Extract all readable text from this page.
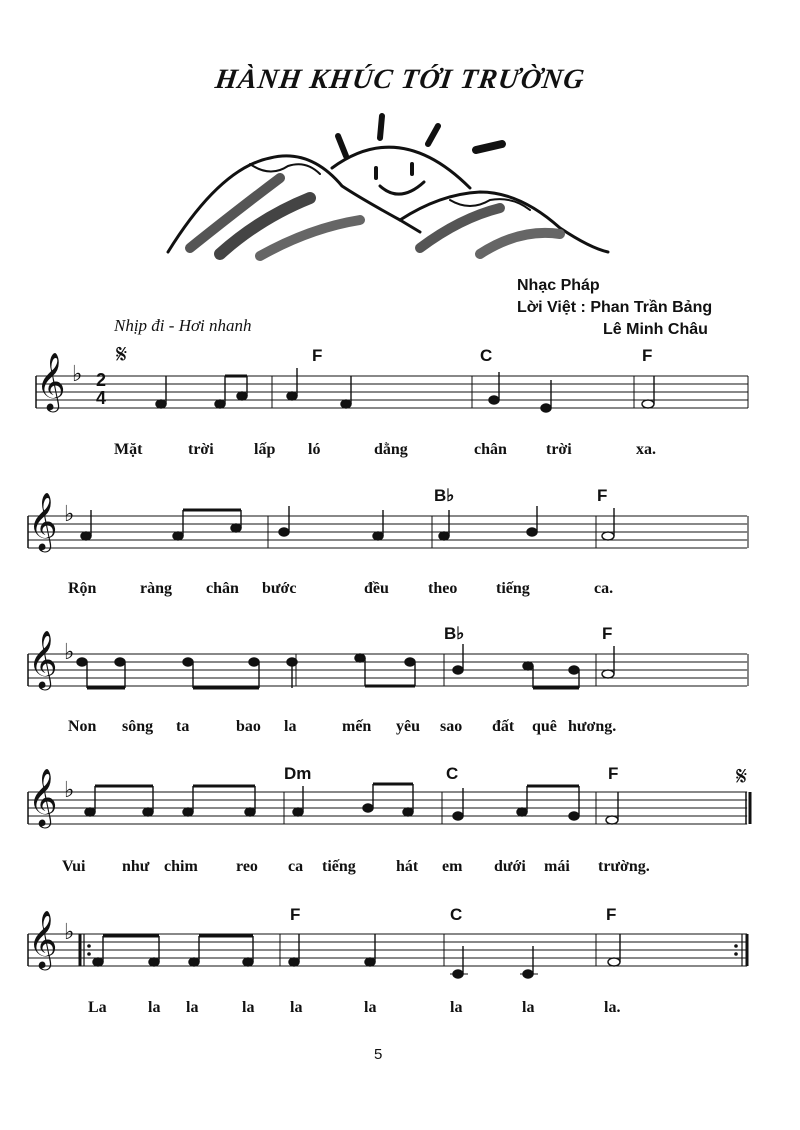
HÀNH KHÚC TỚI TRƯỜNG
Nhạc Pháp
Lời Việt : Phan Trần Bảng
Lê Minh Châu
Nhịp đi - Hơi nhanh
𝄞
𝄞
𝄞
𝄞
𝄞
♭
♭
♭
♭
♭
2
4
𝄋
𝄋
F	C	F
B♭	F
B♭	F
Dm	C	F
F	C	F
Mặt	trời	lấp ló	dằng	chân trời	xa.
Rộn	ràng chân bước	đều theo tiếng	ca.
Non sông ta	bao la	mến yêu sao đất quê hương.
Vui như chim reo ca tiếng	hát em dưới mái trường.
La	la la	la la	la	la	la	la.
5
